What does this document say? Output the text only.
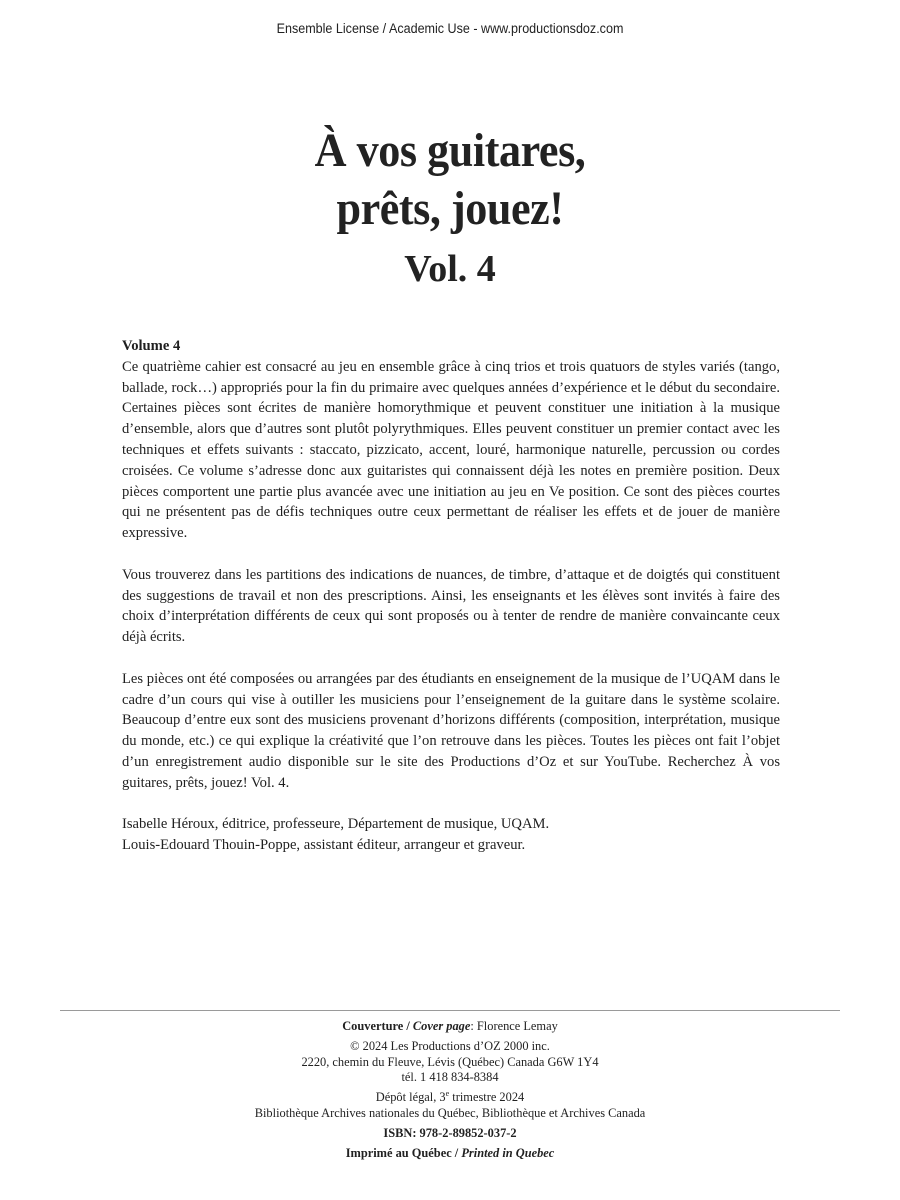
Ensemble License / Academic Use - www.productionsdoz.com
À vos guitares,
prêts, jouez!
Vol. 4
Volume 4

Ce quatrième cahier est consacré au jeu en ensemble grâce à cinq trios et trois quatuors de styles variés (tango, ballade, rock…) appropriés pour la fin du primaire avec quelques années d’expérience et le début du secondaire. Certaines pièces sont écrites de manière homorythmique et peuvent constituer une initiation à la musique d’ensemble, alors que d’autres sont plutôt polyrythmiques. Elles peuvent constituer un premier contact avec les techniques et effets suivants : staccato, pizzicato, accent, louré, harmonique naturelle, percussion ou cordes croisées. Ce volume s’adresse donc aux guitaristes qui connaissent déjà les notes en première position. Deux pièces comportent une partie plus avancée avec une initiation au jeu en Ve position. Ce sont des pièces courtes qui ne présentent pas de défis techniques outre ceux permettant de réaliser les effets et de jouer de manière expressive.

Vous trouverez dans les partitions des indications de nuances, de timbre, d’attaque et de doigtés qui constituent des suggestions de travail et non des prescriptions. Ainsi, les enseignants et les élèves sont invités à faire des choix d’interprétation différents de ceux qui sont proposés ou à tenter de rendre de manière convaincante ceux déjà écrits.

Les pièces ont été composées ou arrangées par des étudiants en enseignement de la musique de l’UQAM dans le cadre d’un cours qui vise à outiller les musiciens pour l’enseignement de la guitare dans le système scolaire. Beaucoup d’entre eux sont des musiciens provenant d’horizons différents (composition, interprétation, musique du monde, etc.) ce qui explique la créativité que l’on retrouve dans les pièces. Toutes les pièces ont fait l’objet d’un enregistrement audio disponible sur le site des Productions d’Oz et sur YouTube. Recherchez À vos guitares, prêts, jouez! Vol. 4.

Isabelle Héroux, éditrice, professeure, Département de musique, UQAM.
Louis-Edouard Thouin-Poppe, assistant éditeur, arrangeur et graveur.
Couverture / Cover page: Florence Lemay
© 2024 Les Productions d’OZ 2000 inc.
2220, chemin du Fleuve, Lévis (Québec) Canada G6W 1Y4
tél. 1 418 834-8384
Dépôt légal, 3e trimestre 2024
Bibliothèque Archives nationales du Québec, Bibliothèque et Archives Canada
ISBN: 978-2-89852-037-2
Imprimé au Québec / Printed in Quebec
